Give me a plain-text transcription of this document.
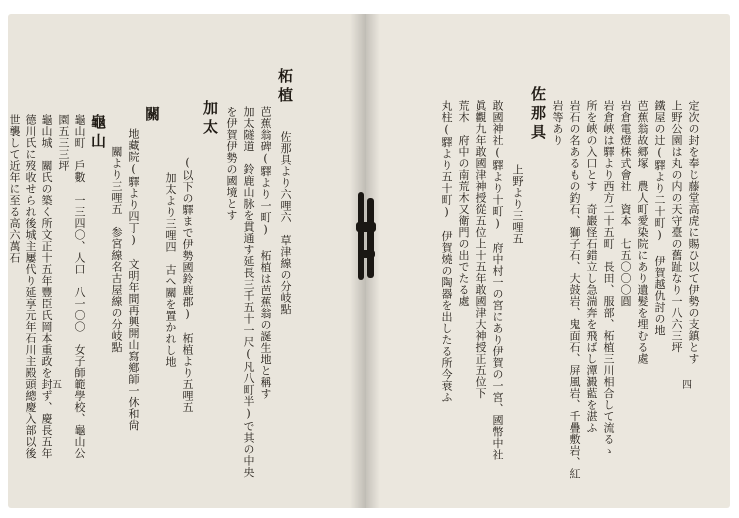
柘植 　佐那具より六哩六　草津線の分岐點
芭蕉翁碑(驛より一町) 柘植は芭蕉翁の誕生地と稱す
加太隧道　鈴鹿山脉を貫通す延長三千五十一尺(凡八町半)で其の中央
を伊賀伊勢の國境とす
加太
(以下の驛まで伊勢國鈴鹿郡)　柘植より五哩五
加太より三哩四　古へ關を置かれし地
關
地藏院(驛より四丁)　文明年間再興開山寫鄕師一休和尙
關より三哩五　参宮線名古屋線の分岐點
龜山
龜山町　戶數　一三四〇、人口　八一〇〇　女子師範學校、龜山公
園五三三坪
龜山城　關氏の築く所文正十五年豐臣氏岡本重政を封ず、慶長五年
德川氏に歿收せられ後城主屢代り延享元年石川主殿頭總慶入部以後
世襲して近年に至る高六萬石
五
定次の封を奉じ藤堂高虎に賜ひ以て伊勢の支鎮とす
上野公園は丸の内の天守臺の舊趾なり一八六三坪
鐵屋の辻(驛より二十町) 伊賀越仇討の地
芭蕉翁故郷塚　農人町愛染院にあり遺髪を埋むる處
岩倉電燈株式會社　資本　七五〇〇〇圓
岩倉峽は驛より西方二十五町　長田、服部、柘植三川相合して流るゝ
所を峽の入口とす　奇巖怪石錯立し急湍奔を飛ばし潭澱藍を湛ふ
岩石の名あるもの釣石、獅子石、大鼓岩、鬼面石、屏風岩、千疊敷岩、紅
岩等あり
佐那具
上野より三哩五
敢國神社(驛より十町)　府中村一の宮にあり伊賀の一宮、國幣中社
眞觀九年敢國津神授從五位上十五年敢國津大神授正五位下
荒木　府中の南荒木又衛門の出でたる處
丸柱(驛より五十町)　伊賀燒の陶器を出したる所今衰ふ	四
